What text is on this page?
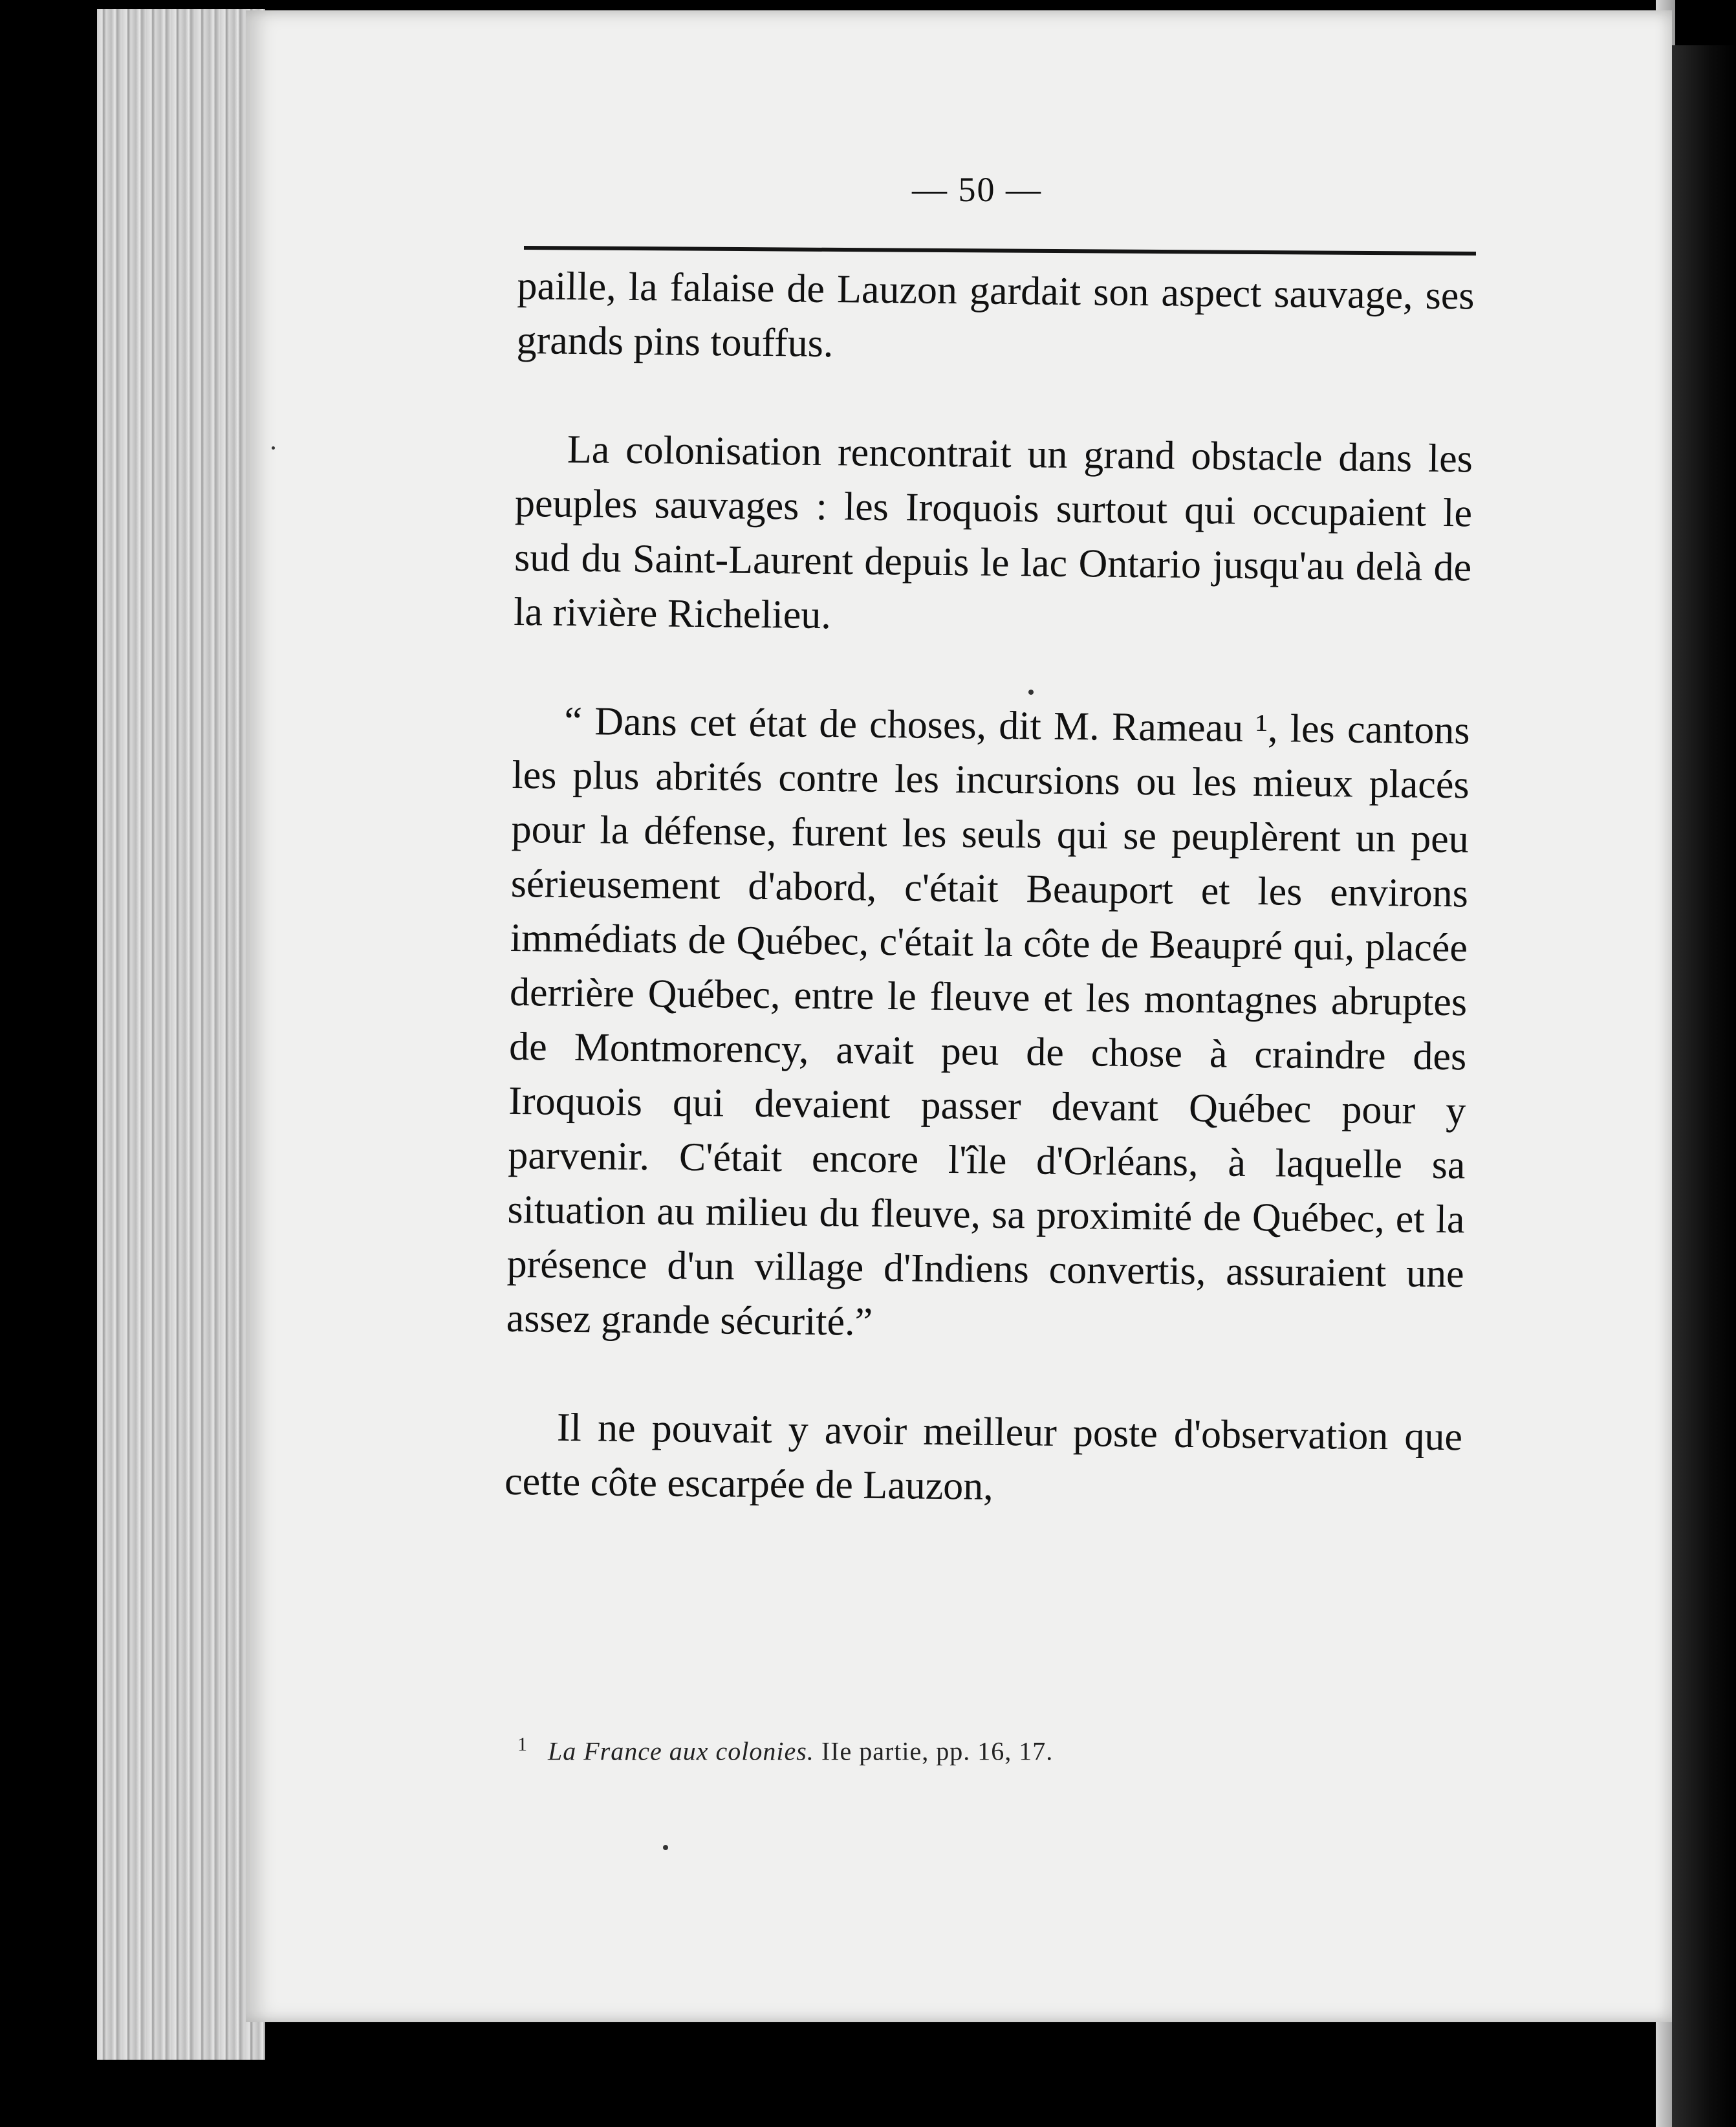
— 50 —

paille, la falaise de Lauzon gardait son aspect sauvage, ses grands pins touffus.

La colonisation rencontrait un grand obstacle dans les peuples sauvages : les Iroquois surtout qui occupaient le sud du Saint-Laurent depuis le lac Ontario jusqu'au delà de la rivière Richelieu.

“ Dans cet état de choses, dit M. Rameau ¹, les cantons les plus abrités contre les incursions ou les mieux placés pour la défense, furent les seuls qui se peuplèrent un peu sérieusement d'abord, c'était Beauport et les environs immédiats de Québec, c'était la côte de Beaupré qui, placée derrière Québec, entre le fleuve et les montagnes abruptes de Montmorency, avait peu de chose à craindre des Iroquois qui devaient passer devant Québec pour y parvenir. C'était encore l'île d'Orléans, à laquelle sa situation au milieu du fleuve, sa proximité de Québec, et la présence d'un village d'Indiens convertis, assuraient une assez grande sécurité.”

Il ne pouvait y avoir meilleur poste d'observation que cette côte escarpée de Lauzon,

$^1$ La France aux colonies. IIe partie, pp. 16, 17.
